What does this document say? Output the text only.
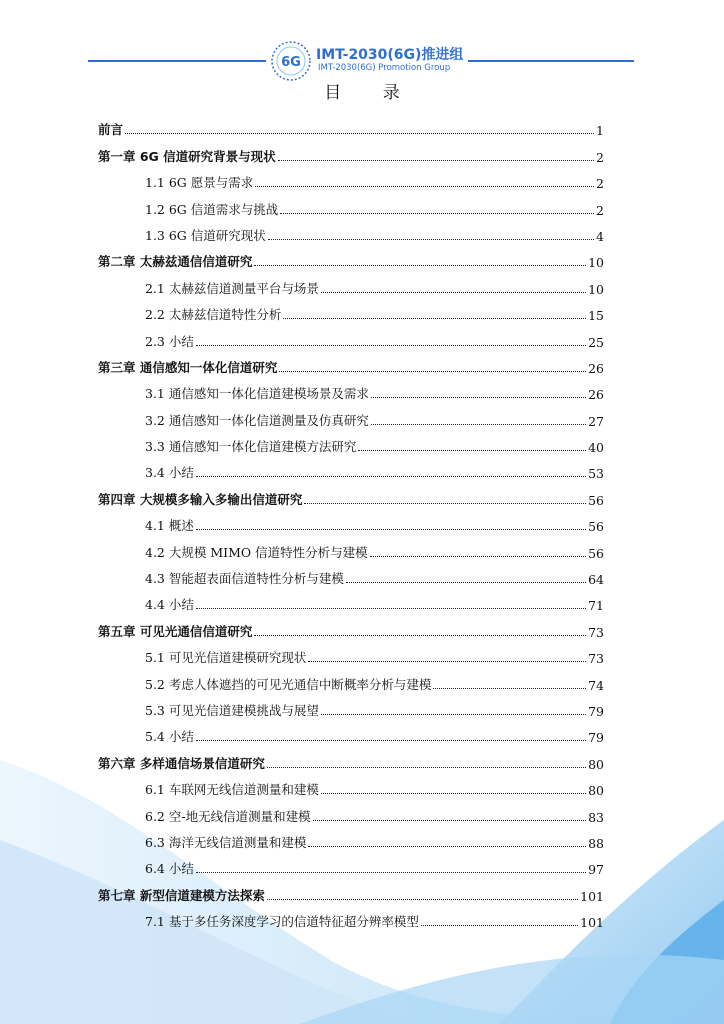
6G IMT-2030(6G)推进组
IMT-2030(6G) Promotion Group
目 录
前言	1
第一章 6G 信道研究背景与现状	2
1.1 6G 愿景与需求	2
1.2 6G 信道需求与挑战	2
1.3 6G 信道研究现状	4
第二章 太赫兹通信信道研究	10
2.1 太赫兹信道测量平台与场景	10
2.2 太赫兹信道特性分析	15
2.3 小结	25
第三章 通信感知一体化信道研究	26
3.1 通信感知一体化信道建模场景及需求	26
3.2 通信感知一体化信道测量及仿真研究	27
3.3 通信感知一体化信道建模方法研究	40
3.4 小结	53
第四章 大规模多输入多输出信道研究	56
4.1 概述	56
4.2 大规模 MIMO 信道特性分析与建模	56
4.3 智能超表面信道特性分析与建模	64
4.4 小结	71
第五章 可见光通信信道研究	73
5.1 可见光信道建模研究现状	73
5.2 考虑人体遮挡的可见光通信中断概率分析与建模	74
5.3 可见光信道建模挑战与展望	79
5.4 小结	79
第六章 多样通信场景信道研究	80
6.1 车联网无线信道测量和建模	80
6.2 空-地无线信道测量和建模	83
6.3 海洋无线信道测量和建模	88
6.4 小结	97
第七章 新型信道建模方法探索	101
7.1 基于多任务深度学习的信道特征超分辨率模型	101
